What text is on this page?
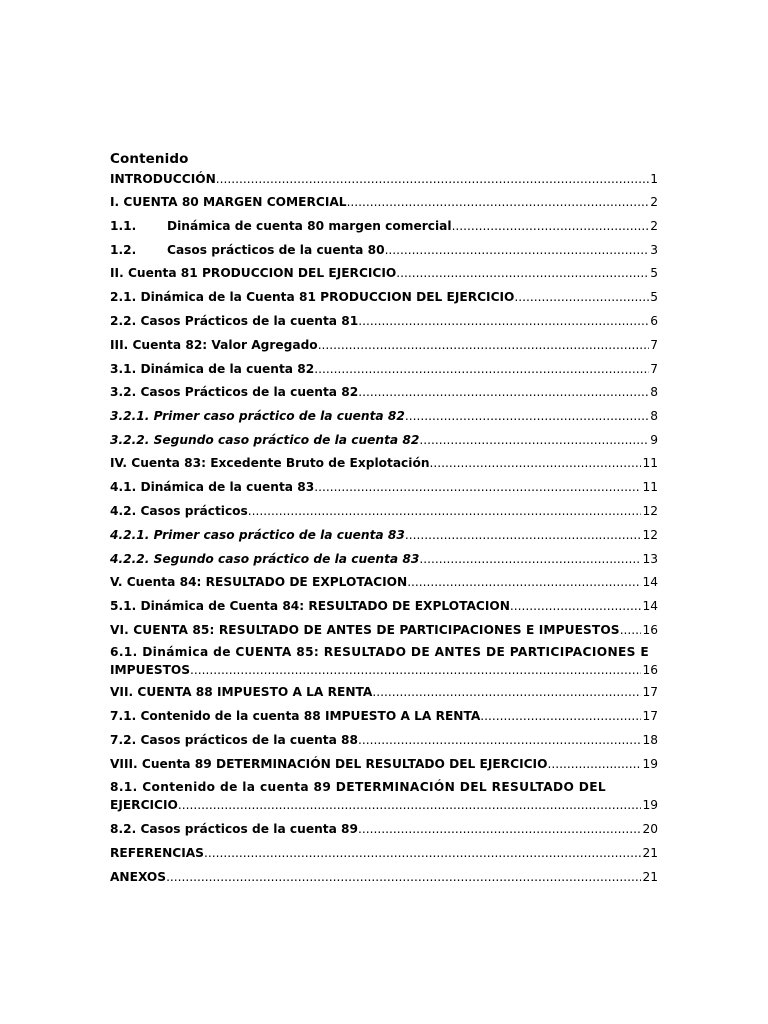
Contenido
INTRODUCCIÓN .....	1
I. CUENTA 80 MARGEN COMERCIAL .....	2
1.1.	Dinámica de cuenta 80 margen comercial .....	2
1.2.	Casos prácticos de la cuenta 80 .....	3
II. Cuenta 81 PRODUCCION DEL EJERCICIO .....	5
2.1. Dinámica de la Cuenta 81 PRODUCCION DEL EJERCICIO .....	5
2.2. Casos Prácticos de la cuenta 81 .....	6
III. Cuenta 82: Valor Agregado .....	7
3.1. Dinámica de la cuenta 82 .....	7
3.2. Casos Prácticos de la cuenta 82 .....	8
3.2.1. Primer caso práctico de la cuenta 82 .....	8
3.2.2. Segundo caso práctico de la cuenta 82 .....	9
IV. Cuenta 83: Excedente Bruto de Explotación .....	11
4.1. Dinámica de la cuenta 83 .....	11
4.2. Casos prácticos .....	12
4.2.1. Primer caso práctico de la cuenta 83 .....	12
4.2.2. Segundo caso práctico de la cuenta 83 .....	13
V. Cuenta 84: RESULTADO DE EXPLOTACION .....	14
5.1. Dinámica de Cuenta 84: RESULTADO DE EXPLOTACION .....	14
VI. CUENTA 85: RESULTADO DE ANTES DE PARTICIPACIONES E IMPUESTOS ..... 16
6.1. Dinámica de CUENTA 85: RESULTADO DE ANTES DE PARTICIPACIONES E
IMPUESTOS .....	16
VII. CUENTA 88 IMPUESTO A LA RENTA .....	17
7.1. Contenido de la cuenta 88 IMPUESTO A LA RENTA .....	17
7.2. Casos prácticos de la cuenta 88 .....	18
VIII. Cuenta 89 DETERMINACIÓN DEL RESULTADO DEL EJERCICIO .....	19
8.1. Contenido de la cuenta 89 DETERMINACIÓN DEL RESULTADO DEL
EJERCICIO .....	19
8.2. Casos prácticos de la cuenta 89 .....	20
REFERENCIAS .....	21
ANEXOS .....	21
